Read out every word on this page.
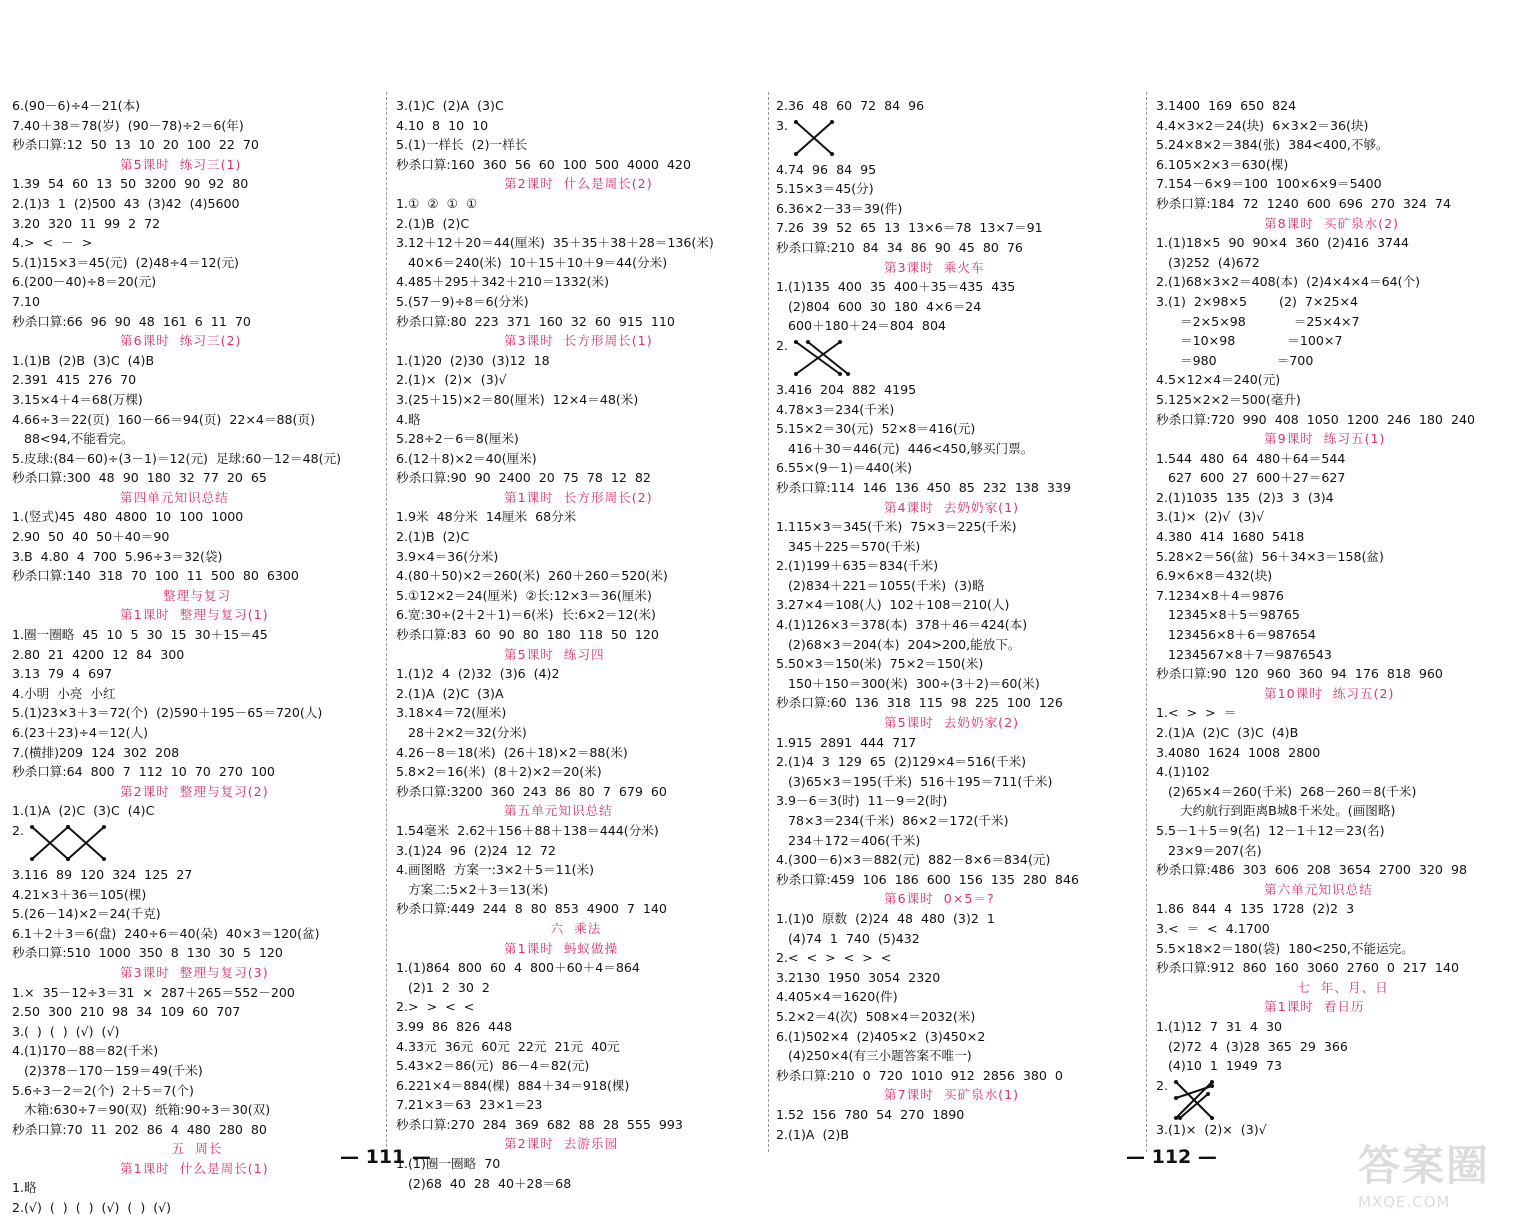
6.(90－6)÷4－21(本)
7.40＋38＝78(岁)  (90－78)÷2＝6(年)
秒杀口算:12  50  13  10  20  100  22  70
第5课时  练习三(1)
1.39  54  60  13  50  3200  90  92  80
2.(1)3  1  (2)500  43  (3)42  (4)5600
3.20  320  11  99  2  72
4.>  <  －  >
5.(1)15×3＝45(元)  (2)48÷4＝12(元)
6.(200－40)÷8＝20(元)
7.10
秒杀口算:66  96  90  48  161  6  11  70
第6课时  练习三(2)
1.(1)B  (2)B  (3)C  (4)B
2.391  415  276  70
3.15×4＋4＝68(万棵)
4.66÷3＝22(页)  160－66＝94(页)  22×4＝88(页)
88<94,不能看完。
5.皮球:(84－60)÷(3－1)＝12(元)  足球:60－12＝48(元)
秒杀口算:300  48  90  180  32  77  20  65
第四单元知识总结
1.(竖式)45  480  4800  10  100  1000
2.90  50  40  50＋40＝90
3.B  4.80  4  700  5.96÷3＝32(袋)
秒杀口算:140  318  70  100  11  500  80  6300
整理与复习
第1课时  整理与复习(1)
1.圈一圈略  45  10  5  30  15  30＋15＝45
2.80  21  4200  12  84  300
3.13  79  4  697
4.小明  小亮  小红
5.(1)23×3＋3＝72(个)  (2)590＋195－65＝720(人)
6.(23＋23)÷4＝12(人)
7.(横排)209  124  302  208
秒杀口算:64  800  7  112  10  70  270  100
第2课时  整理与复习(2)
1.(1)A  (2)C  (3)C  (4)C
2.
3.116  89  120  324  125  27
4.21×3＋36＝105(棵)
5.(26－14)×2＝24(千克)
6.1＋2＋3＝6(盘)  240÷6＝40(朵)  40×3＝120(盆)
秒杀口算:510  1000  350  8  130  30  5  120
第3课时  整理与复习(3)
1.×  35－12÷3＝31  ×  287＋265＝552－200
2.50  300  210  98  34  109  60  707
3.(  )  (  )  (√)  (√)
4.(1)170－88＝82(千米)
(2)378－170－159＝49(千米)
5.6÷3－2＝2(个)  2＋5＝7(个)
木箱:630÷7＝90(双)  纸箱:90÷3＝30(双)
秒杀口算:70  11  202  86  4  480  280  80
五  周长
第1课时  什么是周长(1)
1.略
2.(√)  (  )  (  )  (√)  (  )  (√)
3.(1)C  (2)A  (3)C
4.10  8  10  10
5.(1)一样长  (2)一样长
秒杀口算:160  360  56  60  100  500  4000  420
第2课时  什么是周长(2)
1.①  ②  ①  ①
2.(1)B  (2)C
3.12＋12＋20＝44(厘米)  35＋35＋38＋28＝136(米)
40×6＝240(米)  10＋15＋10＋9＝44(分米)
4.485＋295＋342＋210＝1332(米)
5.(57－9)÷8＝6(分米)
秒杀口算:80  223  371  160  32  60  915  110
第3课时  长方形周长(1)
1.(1)20  (2)30  (3)12  18
2.(1)×  (2)×  (3)√
3.(25＋15)×2＝80(厘米)  12×4＝48(米)
4.略
5.28÷2－6＝8(厘米)
6.(12＋8)×2＝40(厘米)
秒杀口算:90  90  2400  20  75  78  12  82
第1课时  长方形周长(2)
1.9米  48分米  14厘米  68分米
2.(1)B  (2)C
3.9×4＝36(分米)
4.(80＋50)×2＝260(米)  260＋260＝520(米)
5.①12×2＝24(厘米)  ②长:12×3＝36(厘米)
6.宽:30÷(2＋2＋1)＝6(米)  长:6×2＝12(米)
秒杀口算:83  60  90  80  180  118  50  120
第5课时  练习四
1.(1)2  4  (2)32  (3)6  (4)2
2.(1)A  (2)C  (3)A
3.18×4＝72(厘米)
28＋2×2＝32(分米)
4.26－8＝18(米)  (26＋18)×2＝88(米)
5.8×2＝16(米)  (8＋2)×2＝20(米)
秒杀口算:3200  360  243  86  80  7  679  60
第五单元知识总结
1.54毫米  2.62＋156＋88＋138＝444(分米)
3.(1)24  96  (2)24  12  72
4.画图略  方案一:3×2＋5＝11(米)
方案二:5×2＋3＝13(米)
秒杀口算:449  244  8  80  853  4900  7  140
六  乘法
第1课时  蚂蚁做操
1.(1)864  800  60  4  800＋60＋4＝864
(2)1  2  30  2
2.>  >  <  <
3.99  86  826  448
4.33元  36元  60元  22元  21元  40元
5.43×2＝86(元)  86－4＝82(元)
6.221×4＝884(棵)  884＋34＝918(棵)
7.21×3＝63  23×1＝23
秒杀口算:270  284  369  682  88  28  555  993
第2课时  去游乐园
1.(1)圈一圈略  70
(2)68  40  28  40＋28＝68
2.36  48  60  72  84  96
3.
4.74  96  84  95
5.15×3＝45(分)
6.36×2－33＝39(件)
7.26  39  52  65  13  13×6＝78  13×7＝91
秒杀口算:210  84  34  86  90  45  80  76
第3课时  乘火车
1.(1)135  400  35  400＋35＝435  435
(2)804  600  30  180  4×6＝24
600＋180＋24＝804  804
2.
3.416  204  882  4195
4.78×3＝234(千米)
5.15×2＝30(元)  52×8＝416(元)
416＋30＝446(元)  446<450,够买门票。
6.55×(9－1)＝440(米)
秒杀口算:114  146  136  450  85  232  138  339
第4课时  去奶奶家(1)
1.115×3＝345(千米)  75×3＝225(千米)
345＋225＝570(千米)
2.(1)199＋635＝834(千米)
(2)834＋221＝1055(千米)  (3)略
3.27×4＝108(人)  102＋108＝210(人)
4.(1)126×3＝378(本)  378＋46＝424(本)
(2)68×3＝204(本)  204>200,能放下。
5.50×3＝150(米)  75×2＝150(米)
150＋150＝300(米)  300÷(3＋2)＝60(米)
秒杀口算:60  136  318  115  98  225  100  126
第5课时  去奶奶家(2)
1.915  2891  444  717
2.(1)4  3  129  65  (2)129×4＝516(千米)
(3)65×3＝195(千米)  516＋195＝711(千米)
3.9－6＝3(时)  11－9＝2(时)
78×3＝234(千米)  86×2＝172(千米)
234＋172＝406(千米)
4.(300－6)×3＝882(元)  882－8×6＝834(元)
秒杀口算:459  106  186  600  156  135  280  846
第6课时  0×5＝?
1.(1)0  原数  (2)24  48  480  (3)2  1
(4)74  1  740  (5)432
2.<  <  >  <  >  <
3.2130  1950  3054  2320
4.405×4＝1620(件)
5.2×2＝4(次)  508×4＝2032(米)
6.(1)502×4  (2)405×2  (3)450×2
(4)250×4(有三小题答案不唯一)
秒杀口算:210  0  720  1010  912  2856  380  0
第7课时  买矿泉水(1)
1.52  156  780  54  270  1890
2.(1)A  (2)B
3.1400  169  650  824
4.4×3×2＝24(块)  6×3×2＝36(块)
5.24×8×2＝384(张)  384<400,不够。
6.105×2×3＝630(棵)
7.154－6×9＝100  100×6×9＝5400
秒杀口算:184  72  1240  600  696  270  324  74
第8课时  买矿泉水(2)
1.(1)18×5  90  90×4  360  (2)416  3744
(3)252  (4)672
2.(1)68×3×2＝408(本)  (2)4×4×4＝64(个)
3.(1)  2×98×5        (2)  7×25×4
＝2×5×98            ＝25×4×7
＝10×98             ＝100×7
＝980               ＝700
4.5×12×4＝240(元)
5.125×2×2＝500(毫升)
秒杀口算:720  990  408  1050  1200  246  180  240
第9课时  练习五(1)
1.544  480  64  480＋64＝544
627  600  27  600＋27＝627
2.(1)1035  135  (2)3  3  (3)4
3.(1)×  (2)√  (3)√
4.380  414  1680  5418
5.28×2＝56(盆)  56＋34×3＝158(盆)
6.9×6×8＝432(块)
7.1234×8＋4＝9876
12345×8＋5＝98765
123456×8＋6＝987654
1234567×8＋7＝9876543
秒杀口算:90  120  960  360  94  176  818  960
第10课时  练习五(2)
1.<  >  >  ＝
2.(1)A  (2)C  (3)C  (4)B
3.4080  1624  1008  2800
4.(1)102
(2)65×4＝260(千米)  268－260＝8(千米)
大约航行到距离B城8千米处。(画图略)
5.5－1＋5＝9(名)  12－1＋12＝23(名)
23×9＝207(名)
秒杀口算:486  303  606  208  3654  2700  320  98
第六单元知识总结
1.86  844  4  135  1728  (2)2  3
3.<  ＝  <  4.1700
5.5×18×2＝180(袋)  180<250,不能运完。
秒杀口算:912  860  160  3060  2760  0  217  140
七  年、月、日
第1课时  看日历
1.(1)12  7  31  4  30
(2)72  4  (3)28  365  29  366
(4)10  1  1949  73
2.
3.(1)×  (2)×  (3)√
— 111 —	— 112 —	答案圈
MXQE.COM
